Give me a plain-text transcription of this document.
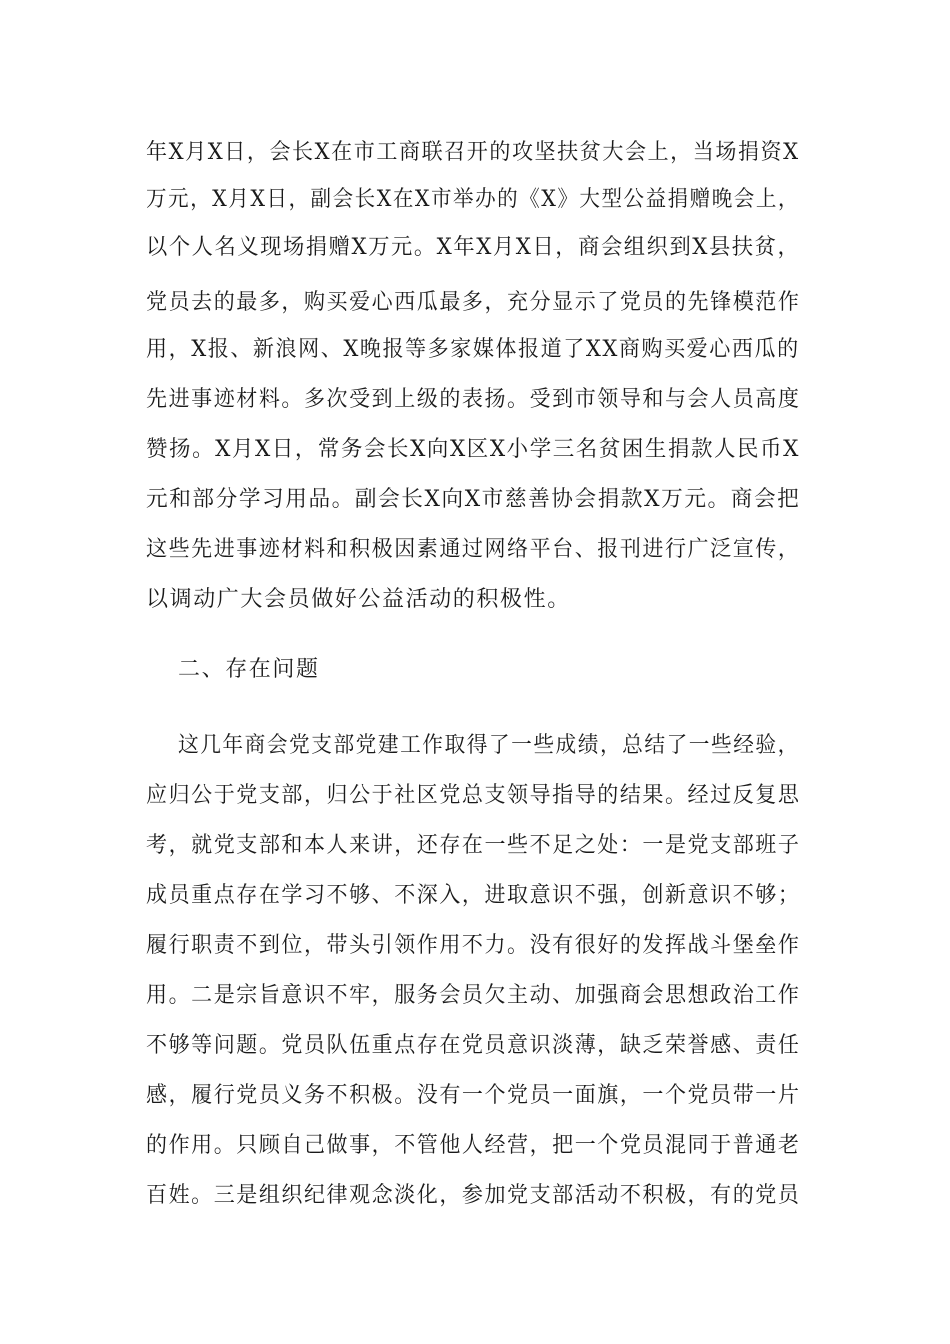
年X月X日，会长X在市工商联召开的攻坚扶贫大会上，当场捐资X
万元，X月X日，副会长X在X市举办的《X》大型公益捐赠晚会上，
以个人名义现场捐赠X万元。X年X月X日，商会组织到X县扶贫，
党员去的最多，购买爱心西瓜最多，充分显示了党员的先锋模范作
用，X报、新浪网、X晚报等多家媒体报道了XX商购买爱心西瓜的
先进事迹材料。多次受到上级的表扬。受到市领导和与会人员高度
赞扬。X月X日，常务会长X向X区X小学三名贫困生捐款人民币X
元和部分学习用品。副会长X向X市慈善协会捐款X万元。商会把
这些先进事迹材料和积极因素通过网络平台、报刊进行广泛宣传，
以调动广大会员做好公益活动的积极性。
二、存在问题
这几年商会党支部党建工作取得了一些成绩，总结了一些经验，
应归公于党支部，归公于社区党总支领导指导的结果。经过反复思
考，就党支部和本人来讲，还存在一些不足之处：一是党支部班子
成员重点存在学习不够、不深入，进取意识不强，创新意识不够；
履行职责不到位，带头引领作用不力。没有很好的发挥战斗堡垒作
用。二是宗旨意识不牢，服务会员欠主动、加强商会思想政治工作
不够等问题。党员队伍重点存在党员意识淡薄，缺乏荣誉感、责任
感，履行党员义务不积极。没有一个党员一面旗，一个党员带一片
的作用。只顾自己做事，不管他人经营，把一个党员混同于普通老
百姓。三是组织纪律观念淡化，参加党支部活动不积极，有的党员
